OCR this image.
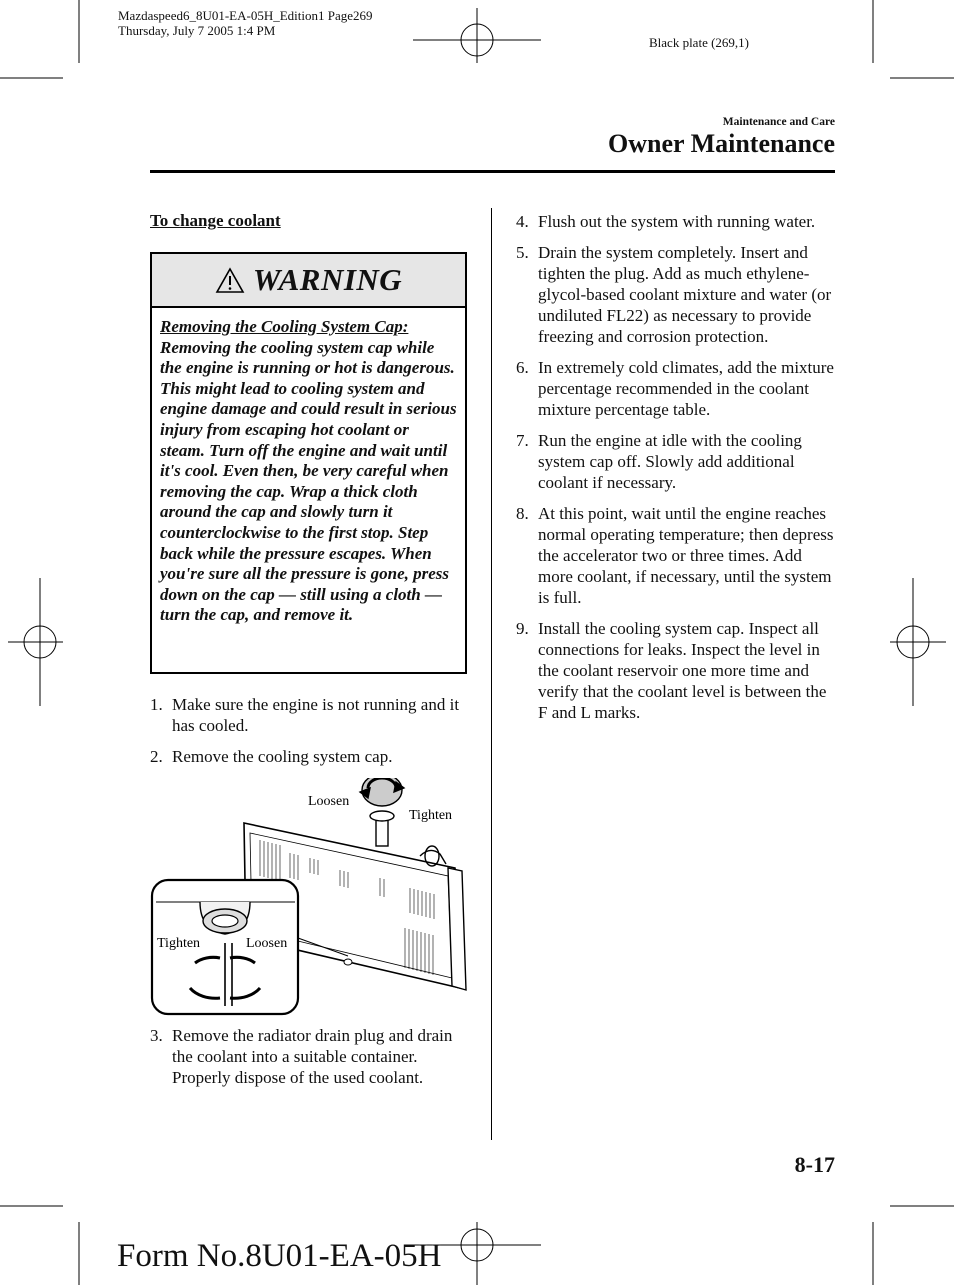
Mazdaspeed6_8U01-EA-05H_Edition1 Page269
Thursday, July 7 2005 1:4 PM
Black plate (269,1)
Maintenance and Care
Owner Maintenance
To change coolant
WARNING
Removing the Cooling System Cap:
Removing the cooling system cap while the engine is running or hot is dangerous. This might lead to cooling system and engine damage and could result in serious injury from escaping hot coolant or steam. Turn off the engine and wait until it's cool. Even then, be very careful when removing the cap. Wrap a thick cloth around the cap and slowly turn it counterclockwise to the first stop. Step back while the pressure escapes. When you're sure all the pressure is gone, press down on the cap — still using a cloth — turn the cap, and remove it.
1. Make sure the engine is not running and it has cooled.
2. Remove the cooling system cap.
Loosen
Tighten
Tighten	Loosen
3. Remove the radiator drain plug and drain the coolant into a suitable container. Properly dispose of the used coolant.
4. Flush out the system with running water.
5. Drain the system completely. Insert and tighten the plug. Add as much ethylene-glycol-based coolant mixture and water (or undiluted FL22) as necessary to provide freezing and corrosion protection.
6. In extremely cold climates, add the mixture percentage recommended in the coolant mixture percentage table.
7. Run the engine at idle with the cooling system cap off. Slowly add additional coolant if necessary.
8. At this point, wait until the engine reaches normal operating temperature; then depress the accelerator two or three times. Add more coolant, if necessary, until the system is full.
9. Install the cooling system cap. Inspect all connections for leaks. Inspect the level in the coolant reservoir one more time and verify that the coolant level is between the F and L marks.
8-17
Form No.8U01-EA-05H
